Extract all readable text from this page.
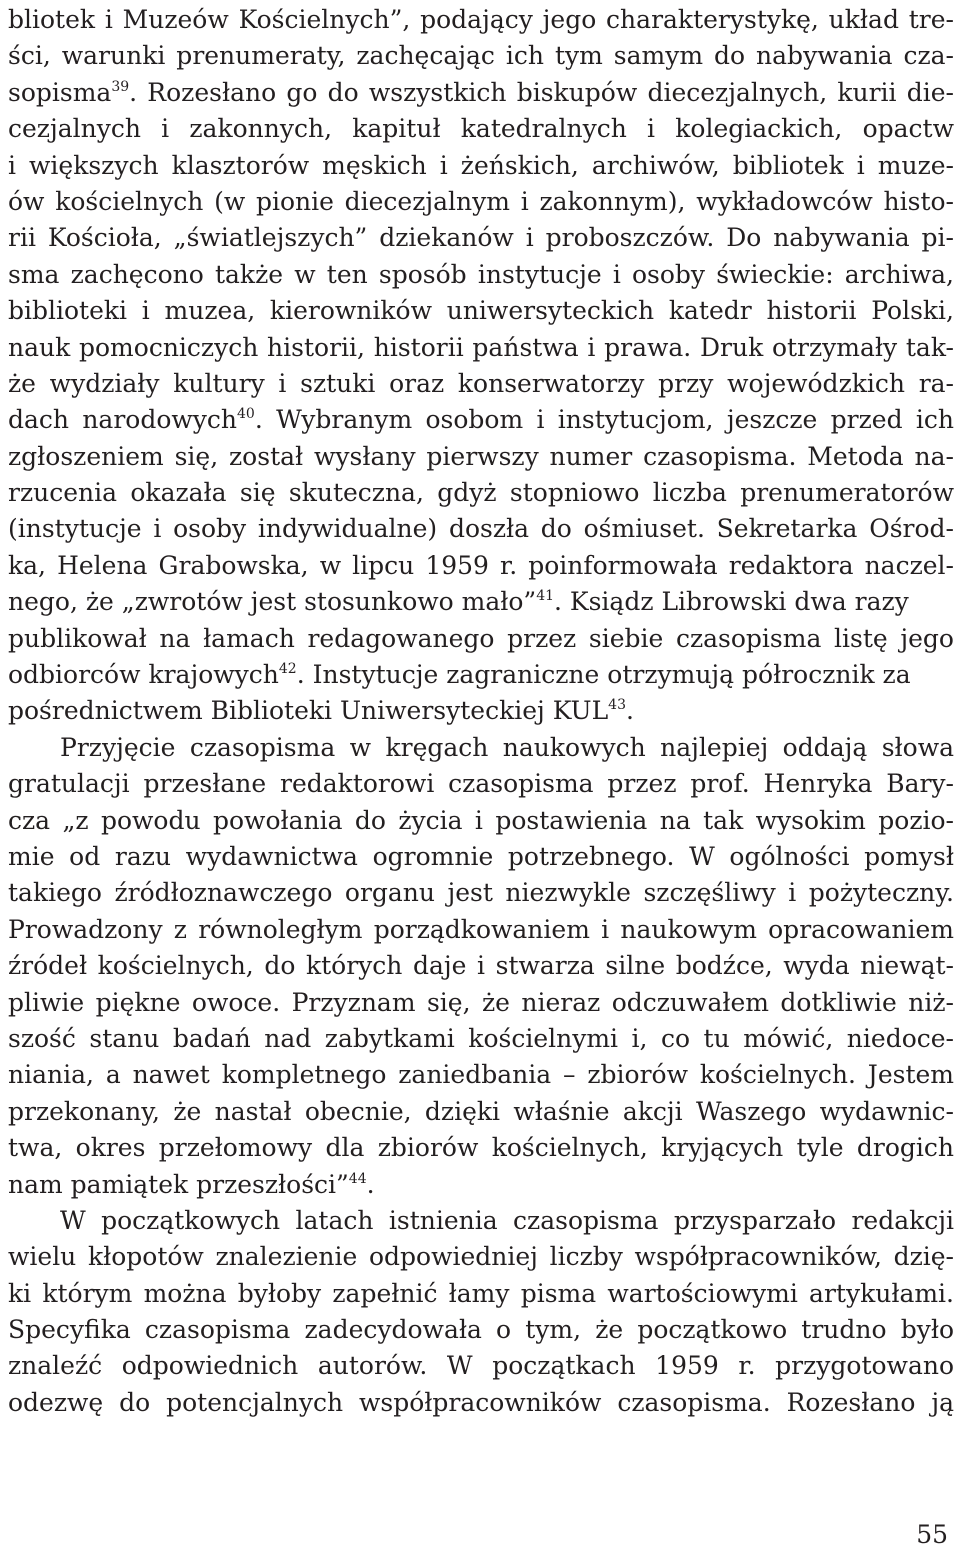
bliotek i Muzeów Kościelnych”, podający jego charakterystykę, układ tre-
ści, warunki prenumeraty, zachęcając ich tym samym do nabywania cza-
sopisma$^{39}$. Rozesłano go do wszystkich biskupów diecezjalnych, kurii die-
cezjalnych i zakonnych, kapituł katedralnych i kolegiackich, opactw
i większych klasztorów męskich i żeńskich, archiwów, bibliotek i muze-
ów kościelnych (w pionie diecezjalnym i zakonnym), wykładowców histo-
rii Kościoła, „światlejszych” dziekanów i proboszczów. Do nabywania pi-
sma zachęcono także w ten sposób instytucje i osoby świeckie: archiwa,
biblioteki i muzea, kierowników uniwersyteckich katedr historii Polski,
nauk pomocniczych historii, historii państwa i prawa. Druk otrzymały tak-
że wydziały kultury i sztuki oraz konserwatorzy przy wojewódzkich ra-
dach narodowych$^{40}$. Wybranym osobom i instytucjom, jeszcze przed ich
zgłoszeniem się, został wysłany pierwszy numer czasopisma. Metoda na-
rzucenia okazała się skuteczna, gdyż stopniowo liczba prenumeratorów
(instytucje i osoby indywidualne) doszła do ośmiuset. Sekretarka Ośrod-
ka, Helena Grabowska, w lipcu 1959 r. poinformowała redaktora naczel-
nego, że „zwrotów jest stosunkowo mało”$^{41}$. Ksiądz Librowski dwa razy
publikował na łamach redagowanego przez siebie czasopisma listę jego
odbiorców krajowych$^{42}$. Instytucje zagraniczne otrzymują półrocznik za
pośrednictwem Biblioteki Uniwersyteckiej KUL$^{43}$.
Przyjęcie czasopisma w kręgach naukowych najlepiej oddają słowa
gratulacji przesłane redaktorowi czasopisma przez prof. Henryka Bary-
cza „z powodu powołania do życia i postawienia na tak wysokim pozio-
mie od razu wydawnictwa ogromnie potrzebnego. W ogólności pomysł
takiego źródłoznawczego organu jest niezwykle szczęśliwy i pożyteczny.
Prowadzony z równoległym porządkowaniem i naukowym opracowaniem
źródeł kościelnych, do których daje i stwarza silne bodźce, wyda niewąt-
pliwie piękne owoce. Przyznam się, że nieraz odczuwałem dotkliwie niż-
szość stanu badań nad zabytkami kościelnymi i, co tu mówić, niedoce-
niania, a nawet kompletnego zaniedbania – zbiorów kościelnych. Jestem
przekonany, że nastał obecnie, dzięki właśnie akcji Waszego wydawnic-
twa, okres przełomowy dla zbiorów kościelnych, kryjących tyle drogich
nam pamiątek przeszłości”$^{44}$.
W początkowych latach istnienia czasopisma przysparzało redakcji
wielu kłopotów znalezienie odpowiedniej liczby współpracowników, dzię-
ki którym można byłoby zapełnić łamy pisma wartościowymi artykułami.
Specyfika czasopisma zadecydowała o tym, że początkowo trudno było
znaleźć odpowiednich autorów. W początkach 1959 r. przygotowano
odezwę do potencjalnych współpracowników czasopisma. Rozesłano ją
55
